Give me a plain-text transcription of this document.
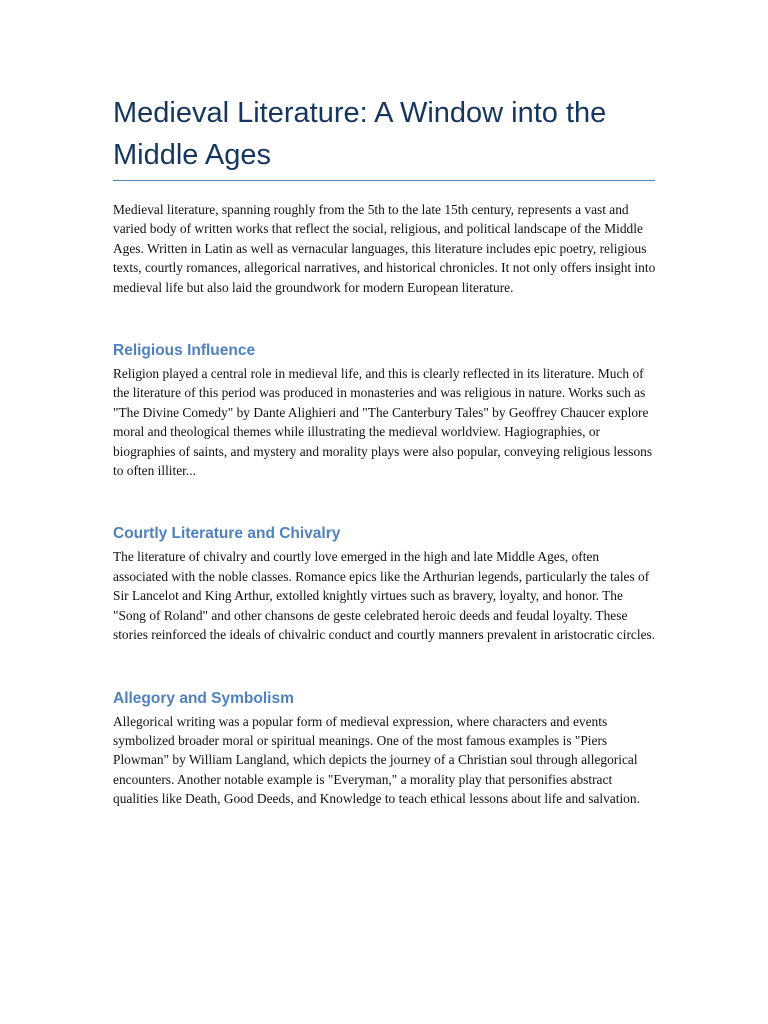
Medieval Literature: A Window into the Middle Ages

Medieval literature, spanning roughly from the 5th to the late 15th century, represents a vast and varied body of written works that reflect the social, religious, and political landscape of the Middle Ages. Written in Latin as well as vernacular languages, this literature includes epic poetry, religious texts, courtly romances, allegorical narratives, and historical chronicles. It not only offers insight into medieval life but also laid the groundwork for modern European literature.

Religious Influence

Religion played a central role in medieval life, and this is clearly reflected in its literature. Much of the literature of this period was produced in monasteries and was religious in nature. Works such as "The Divine Comedy" by Dante Alighieri and "The Canterbury Tales" by Geoffrey Chaucer explore moral and theological themes while illustrating the medieval worldview. Hagiographies, or biographies of saints, and mystery and morality plays were also popular, conveying religious lessons to often illiter...

Courtly Literature and Chivalry

The literature of chivalry and courtly love emerged in the high and late Middle Ages, often associated with the noble classes. Romance epics like the Arthurian legends, particularly the tales of Sir Lancelot and King Arthur, extolled knightly virtues such as bravery, loyalty, and honor. The "Song of Roland" and other chansons de geste celebrated heroic deeds and feudal loyalty. These stories reinforced the ideals of chivalric conduct and courtly manners prevalent in aristocratic circles.

Allegory and Symbolism

Allegorical writing was a popular form of medieval expression, where characters and events symbolized broader moral or spiritual meanings. One of the most famous examples is "Piers Plowman" by William Langland, which depicts the journey of a Christian soul through allegorical encounters. Another notable example is "Everyman," a morality play that personifies abstract qualities like Death, Good Deeds, and Knowledge to teach ethical lessons about life and salvation.
